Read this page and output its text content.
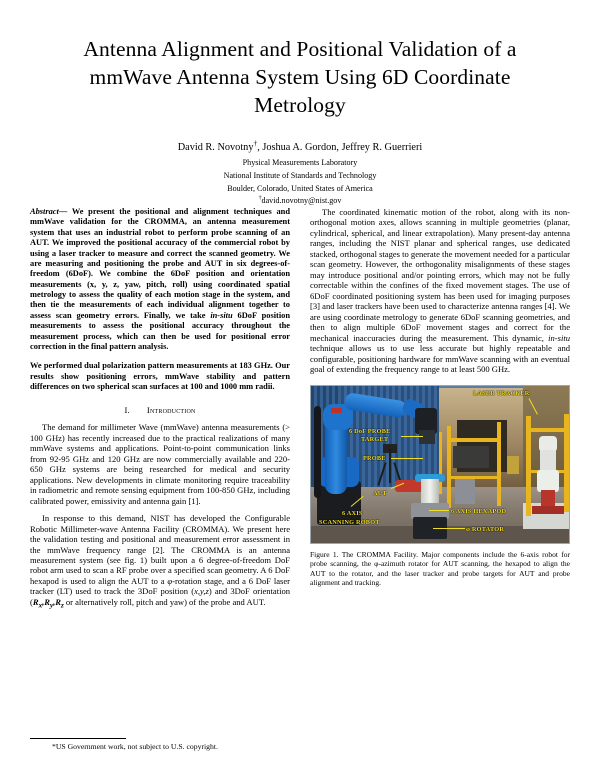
Antenna Alignment and Positional Validation of a mmWave Antenna System Using 6D Coordinate Metrology
David R. Novotny†, Joshua A. Gordon, Jeffrey R. Guerrieri
Physical Measurements Laboratory
National Institute of Standards and Technology
Boulder, Colorado, United States of America
†david.novotny@nist.gov

Abstract— We present the positional and alignment techniques and mmWave validation for the CROMMA, an antenna measurement system that uses an industrial robot to perform probe scanning of an AUT. We improved the positional accuracy of the commercial robot by using a laser tracker to measure and correct the scanned geometry. We are measuring and positioning the probe and AUT in six degrees-of-freedom (6DoF). We combine the 6DoF position and orientation measurements (x, y, z, yaw, pitch, roll) using coordinated spatial metrology to assess the quality of each motion stage in the system, and then tie the measurements of each individual alignment together to assess scan geometry errors. Finally, we take in-situ 6DoF position measurements to assess the positional accuracy throughout the measurement process, which can then be used for positional error correction in the final pattern analysis.

We performed dual polarization pattern measurements at 183 GHz. Our results show positioning errors, mmWave stability and pattern differences on two spherical scan surfaces at 100 and 1000 mm radii.

I. Introduction

The demand for millimeter Wave (mmWave) antenna measurements (> 100 GHz) has recently increased due to the practical realizations of many mmWave systems and applications. Point-to-point communication links from 92-95 GHz and 120 GHz are now commercially available and 220-650 GHz systems are being researched for medical and security applications. New developments in climate monitoring require traceability in radiometric and remote sensing equipment from 100-850 GHz, including calibrated power, emissivity and antenna gain [1].

In response to this demand, NIST has developed the Configurable Robotic Millimeter-wave Antenna Facility (CROMMA). We present here the validation testing and positional and measurement error assessment in the mmWave frequency range [2]. The CROMMA is an antenna measurement system (see fig. 1) built upon a 6 degree-of-freedom DoF robot arm used to scan a RF probe over a specified scan geometry. A 6 DoF hexapod is used to align the AUT to a φ-rotation stage, and a 6 DoF laser tracker (LT) used to track the 3DoF position (x,y,z) and 3DoF orientation ($R_x,R_y,R_z$ or alternatively roll, pitch and yaw) of the probe and AUT.

*US Government work, not subject to U.S. copyright.

The coordinated kinematic motion of the robot, along with its non-orthogonal motion axes, allows scanning in multiple geometries (planar, cylindrical, spherical, and linear extrapolation). Many present-day antenna ranges, including the NIST planar and spherical ranges, use dedicated stacked, orthogonal stages to generate the movement needed for a particular scan geometry. However, the orthogonality misalignments of these stages may introduce positional and/or pointing errors, which may not be fully correctable within the confines of the fixed movement stages. The use of 6DoF coordinated positioning system has been used for imaging purposes [3] and laser trackers have been used to characterize antenna ranges [4]. We are using coordinate metrology to generate 6DoF scanning geometries, and then to align multiple 6DoF movement stages and correct for the mechanical inaccuracies during the measurement. This dynamic, in-situ technique allows us to use less accurate but highly repeatable and configurable, positioning hardware for mmWave scanning with an eventual goal of extending the frequency range to at least 500 GHz.

LASER TRACKER
6 DoF PROBE
TARGET
PROBE
AUT
6 AXIS
SCANNING ROBOT
6 AXIS HEXAPOD
φ ROTATOR

Figure 1. The CROMMA Facility. Major components include the 6-axis robot for probe scanning, the φ-azimuth rotator for AUT scanning, the hexapod to align the AUT to the rotator, and the laser tracker and probe targets for AUT and probe alignment and tracking.
